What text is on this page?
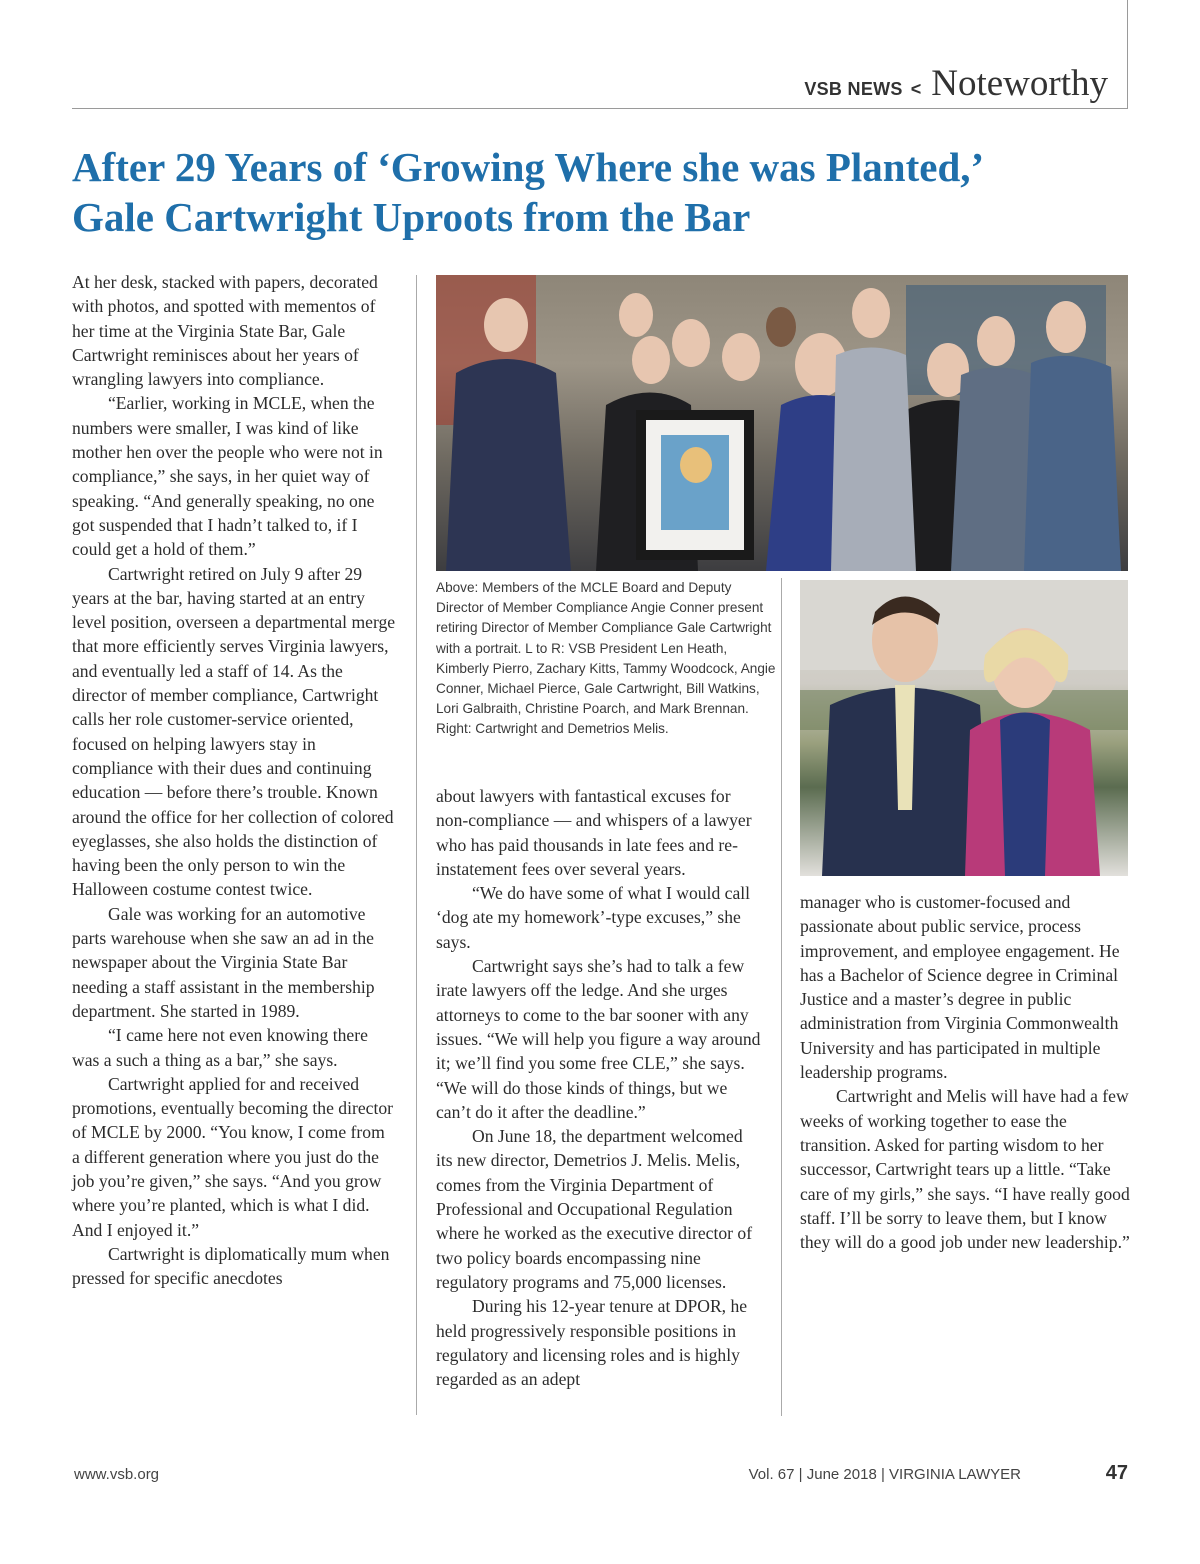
VSB NEWS < Noteworthy
After 29 Years of ‘Growing Where she was Planted,’
Gale Cartwright Uproots from the Bar

At her desk, stacked with papers, decorated with photos, and spotted with mementos of her time at the Virginia State Bar, Gale Cartwright reminisces about her years of wrangling lawyers into compliance.

“Earlier, working in MCLE, when the numbers were smaller, I was kind of like mother hen over the people who were not in compliance,” she says, in her quiet way of speaking. “And generally speaking, no one got suspended that I hadn’t talked to, if I could get a hold of them.”

Cartwright retired on July 9 after 29 years at the bar, having started at an entry level position, overseen a departmental merge that more efficiently serves Virginia lawyers, and eventually led a staff of 14. As the director of member compliance, Cartwright calls her role customer-service oriented, focused on helping lawyers stay in compliance with their dues and continuing education — before there’s trouble. Known around the office for her collection of colored eyeglasses, she also holds the distinction of having been the only person to win the Halloween costume contest twice.

Gale was working for an automotive parts warehouse when she saw an ad in the newspaper about the Virginia State Bar needing a staff assistant in the membership department. She started in 1989.

“I came here not even knowing there was a such a thing as a bar,” she says.

Cartwright applied for and received promotions, eventually becoming the director of MCLE by 2000. “You know, I come from a different generation where you just do the job you’re given,” she says. “And you grow where you’re planted, which is what I did. And I enjoyed it.”

Cartwright is diplomatically mum when pressed for specific anecdotes

Above: Members of the MCLE Board and Deputy Director of Member Compliance Angie Conner present retiring Director of Member Compliance Gale Cartwright with a portrait. L to R: VSB President Len Heath, Kimberly Pierro, Zachary Kitts, Tammy Woodcock, Angie Conner, Michael Pierce, Gale Cartwright, Bill Watkins, Lori Galbraith, Christine Poarch, and Mark Brennan. Right: Cartwright and Demetrios Melis.

about lawyers with fantastical excuses for non-compliance — and whispers of a lawyer who has paid thousands in late fees and re-instatement fees over several years.

“We do have some of what I would call ‘dog ate my homework’-type excuses,” she says.

Cartwright says she’s had to talk a few irate lawyers off the ledge. And she urges attorneys to come to the bar sooner with any issues. “We will help you figure a way around it; we’ll find you some free CLE,” she says. “We will do those kinds of things, but we can’t do it after the deadline.”

On June 18, the department welcomed its new director, Demetrios J. Melis. Melis, comes from the Virginia Department of Professional and Occupational Regulation where he worked as the executive director of two policy boards encompassing nine regulatory programs and 75,000 licenses.

During his 12-year tenure at DPOR, he held progressively responsible positions in regulatory and licensing roles and is highly regarded as an adept

manager who is customer-focused and passionate about public service, process improvement, and employee engagement. He has a Bachelor of Science degree in Criminal Justice and a master’s degree in public administration from Virginia Commonwealth University and has participated in multiple leadership programs.

Cartwright and Melis will have had a few weeks of working together to ease the transition. Asked for parting wisdom to her successor, Cartwright tears up a little. “Take care of my girls,” she says. “I have really good staff. I’ll be sorry to leave them, but I know they will do a good job under new leadership.”

www.vsb.org	Vol. 67 | June 2018 | VIRGINIA LAWYER	47
